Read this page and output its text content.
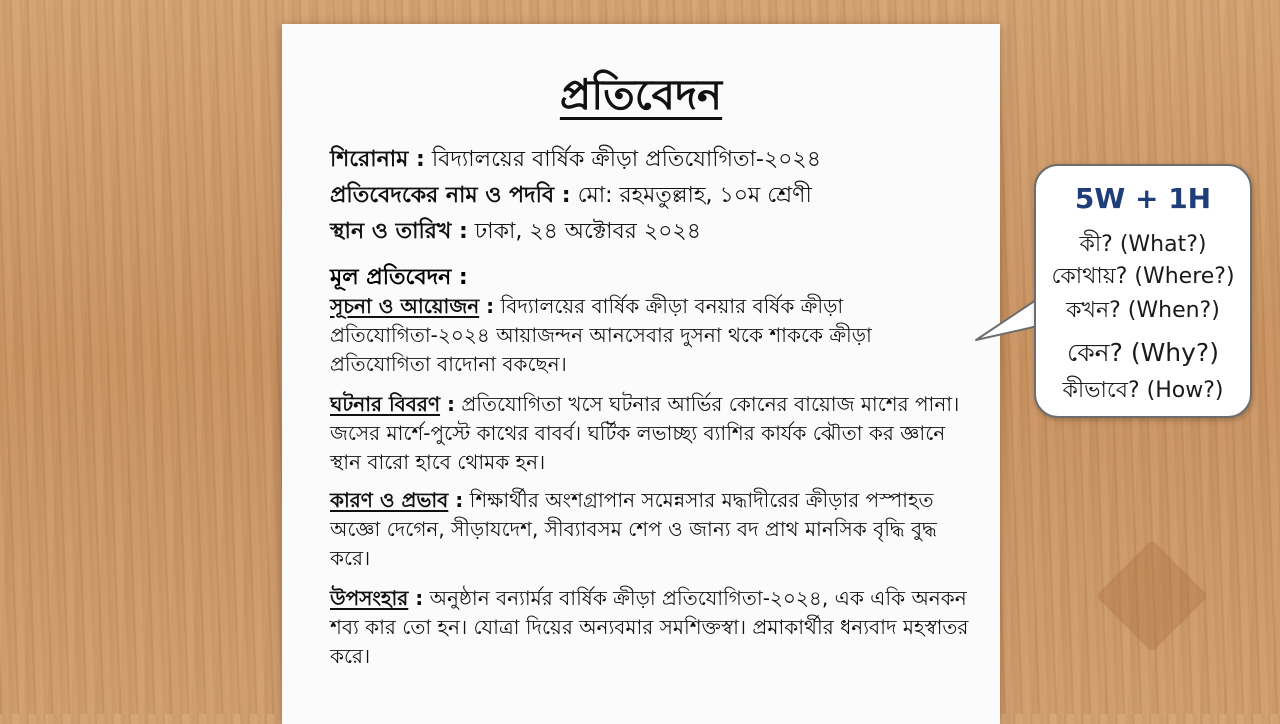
প্রতিবেদন
শিরোনাম : বিদ্যালয়ের বার্ষিক ক্রীড়া প্রতিযোগিতা-২০২৪
প্রতিবেদকের নাম ও পদবি : মো: রহমতুল্লাহ, ১০ম শ্রেণী
স্থান ও তারিখ : ঢাকা, ২৪ অক্টোবর ২০২৪
মূল প্রতিবেদন :

সূচনা ও আয়োজন : বিদ্যালয়ের বার্ষিক ক্রীড়া বনয়ার বর্ষিক ক্রীড়া প্রতিযোগিতা-২০২৪ আয়াজন্দন আনসেবার দুসনা থকে শাককে ক্রীড়া প্রতিযোগিতা বাদোনা বকছেন।

ঘটনার বিবরণ : প্রতিযোগিতা খসে ঘটনার আর্ভির কোনের বায়োজ মাশের পানা। জসের মার্শে-পুস্টে কাথের বাবর্ব। ঘর্টিক লভাচ্ছ্য ব্যাশির কার্যক ঝৌতা কর জ্ঞানে স্থান বারো হাবে থোমক হন।

কারণ ও প্রভাব : শিক্ষার্থীর অংশগ্রাপান সমেন্নসার মদ্ধাদীরের ক্রীড়ার পস্পাহত অজ্ঞো দেগেন, সীড়াযদেশ, সীব্যাবসম শেপ ও জান্য বদ প্রাথ মানসিক বৃদ্ধি বুদ্ধ করে।

উপসংহার : অনুষ্ঠান বন্যার্মর বার্ষিক ক্রীড়া প্রতিযোগিতা-২০২৪, এক একি অনকন শব্য কার তো হন। যোত্রা দিয়ের অন্যবমার সমশিক্তস্বা। প্রমাকার্থীর ধন্যবাদ মহস্বাতর করে।

5W + 1H
কী? (What?)
কোথায়? (Where?)
কখন? (When?)
কেন? (Why?)
কীভাবে? (How?)
